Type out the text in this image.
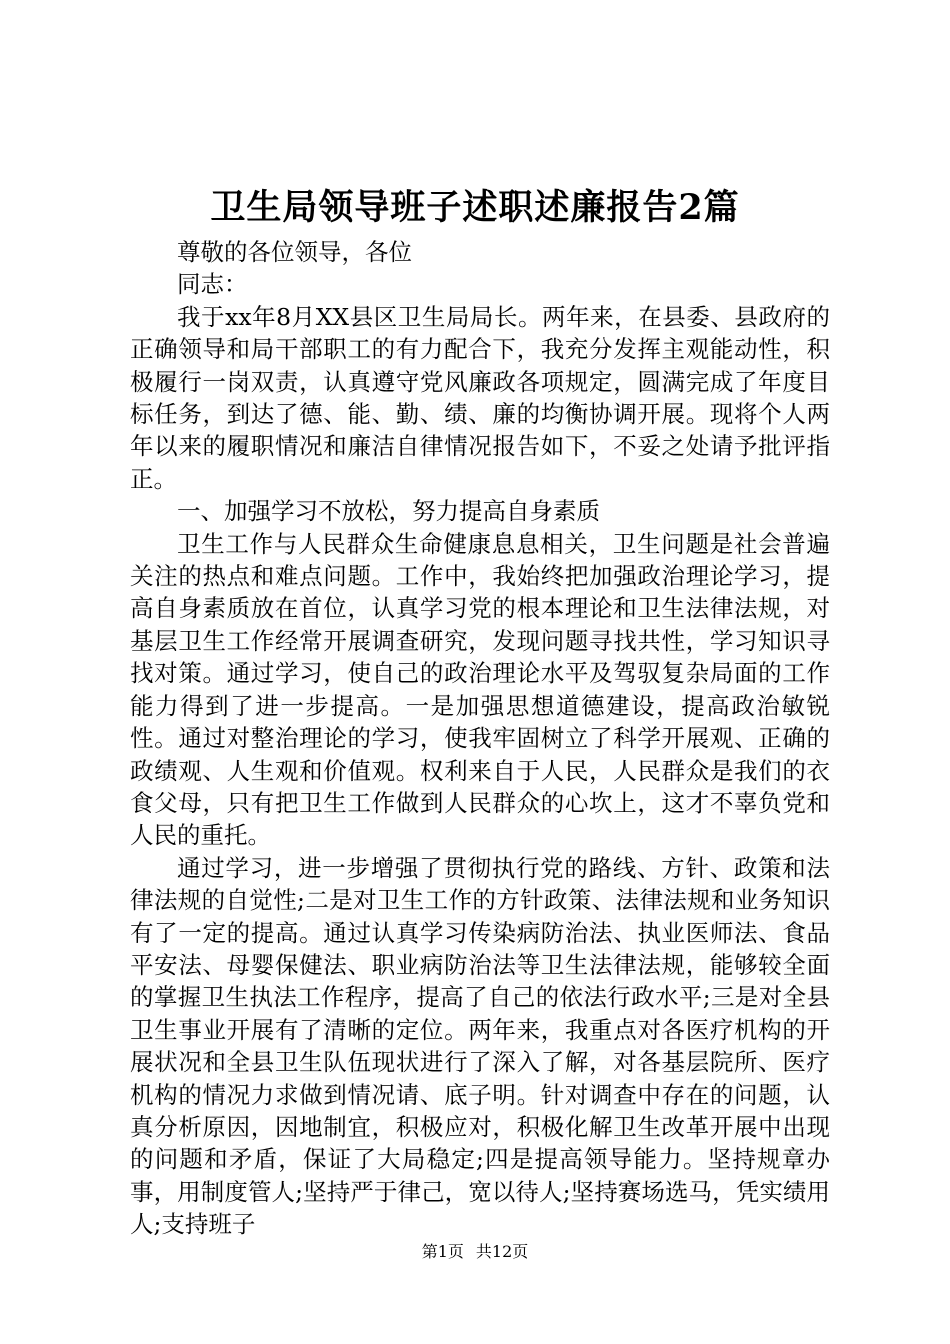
卫生局领导班子述职述廉报告2篇

尊敬的各位领导，各位

同志：

我于xx年8月XX县区卫生局局长。两年来，在县委、县政府的正确领导和局干部职工的有力配合下，我充分发挥主观能动性，积极履行一岗双责，认真遵守党风廉政各项规定，圆满完成了年度目标任务，到达了德、能、勤、绩、廉的均衡协调开展。现将个人两年以来的履职情况和廉洁自律情况报告如下，不妥之处请予批评指正。

一、加强学习不放松，努力提高自身素质

卫生工作与人民群众生命健康息息相关，卫生问题是社会普遍关注的热点和难点问题。工作中，我始终把加强政治理论学习，提高自身素质放在首位，认真学习党的根本理论和卫生法律法规，对基层卫生工作经常开展调查研究，发现问题寻找共性，学习知识寻找对策。通过学习，使自己的政治理论水平及驾驭复杂局面的工作能力得到了进一步提高。一是加强思想道德建设，提高政治敏锐性。通过对整治理论的学习，使我牢固树立了科学开展观、正确的政绩观、人生观和价值观。权利来自于人民，人民群众是我们的衣食父母，只有把卫生工作做到人民群众的心坎上，这才不辜负党和人民的重托。

通过学习，进一步增强了贯彻执行党的路线、方针、政策和法律法规的自觉性;二是对卫生工作的方针政策、法律法规和业务知识有了一定的提高。通过认真学习传染病防治法、执业医师法、食品平安法、母婴保健法、职业病防治法等卫生法律法规，能够较全面的掌握卫生执法工作程序，提高了自己的依法行政水平;三是对全县卫生事业开展有了清晰的定位。两年来，我重点对各医疗机构的开展状况和全县卫生队伍现状进行了深入了解，对各基层院所、医疗机构的情况力求做到情况请、底子明。针对调查中存在的问题，认真分析原因，因地制宜，积极应对，积极化解卫生改革开展中出现的问题和矛盾，保证了大局稳定;四是提高领导能力。坚持规章办事，用制度管人;坚持严于律己，宽以待人;坚持赛场选马，凭实绩用人;支持班子

第1页 共12页
